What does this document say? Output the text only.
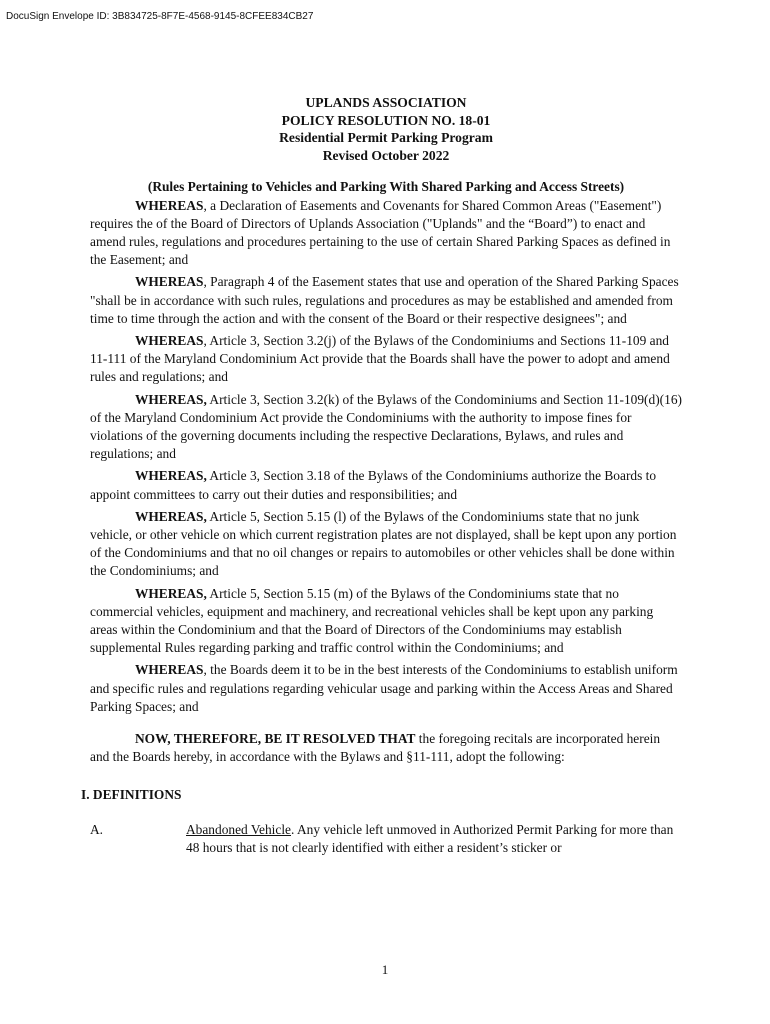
DocuSign Envelope ID: 3B834725-8F7E-4568-9145-8CFEE834CB27
UPLANDS ASSOCIATION
POLICY RESOLUTION NO. 18-01
Residential Permit Parking Program
Revised October 2022
(Rules Pertaining to Vehicles and Parking With Shared Parking and Access Streets)

WHEREAS, a Declaration of Easements and Covenants for Shared Common Areas ("Easement") requires the of the Board of Directors of Uplands Association ("Uplands" and the “Board”) to enact and amend rules, regulations and procedures pertaining to the use of certain Shared Parking Spaces as defined in the Easement; and

WHEREAS, Paragraph 4 of the Easement states that use and operation of the Shared Parking Spaces "shall be in accordance with such rules, regulations and procedures as may be established and amended from time to time through the action and with the consent of the Board or their respective designees"; and

WHEREAS, Article 3, Section 3.2(j) of the Bylaws of the Condominiums and Sections 11-109 and 11-111 of the Maryland Condominium Act provide that the Boards shall have the power to adopt and amend rules and regulations; and

WHEREAS, Article 3, Section 3.2(k) of the Bylaws of the Condominiums and Section 11-109(d)(16) of the Maryland Condominium Act provide the Condominiums with the authority to impose fines for violations of the governing documents including the respective Declarations, Bylaws, and rules and regulations; and

WHEREAS, Article 3, Section 3.18 of the Bylaws of the Condominiums authorize the Boards to appoint committees to carry out their duties and responsibilities; and

WHEREAS, Article 5, Section 5.15 (l) of the Bylaws of the Condominiums state that no junk vehicle, or other vehicle on which current registration plates are not displayed, shall be kept upon any portion of the Condominiums and that no oil changes or repairs to automobiles or other vehicles shall be done within the Condominiums; and

WHEREAS, Article 5, Section 5.15 (m) of the Bylaws of the Condominiums state that no commercial vehicles, equipment and machinery, and recreational vehicles shall be kept upon any parking areas within the Condominium and that the Board of Directors of the Condominiums may establish supplemental Rules regarding parking and traffic control within the Condominiums; and

WHEREAS, the Boards deem it to be in the best interests of the Condominiums to establish uniform and specific rules and regulations regarding vehicular usage and parking within the Access Areas and Shared Parking Spaces; and

NOW, THEREFORE, BE IT RESOLVED THAT the foregoing recitals are incorporated herein and the Boards hereby, in accordance with the Bylaws and §11-111, adopt the following:

I. DEFINITIONS
A.	Abandoned Vehicle. Any vehicle left unmoved in Authorized Permit Parking for more than 48 hours that is not clearly identified with either a resident’s sticker or
1
